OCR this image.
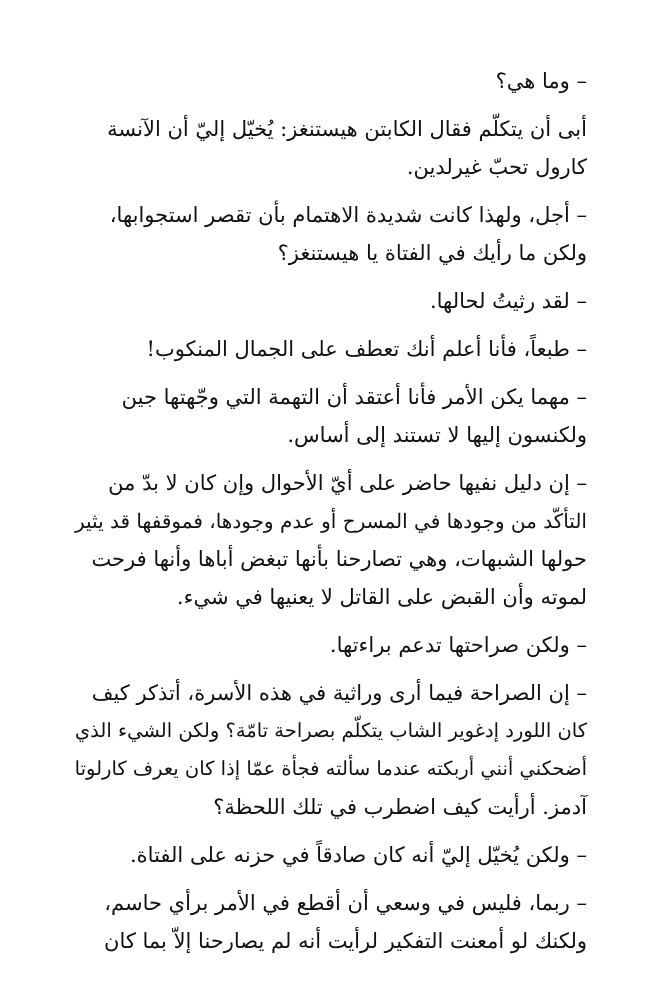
– وما هي؟

أبى أن يتكلّم فقال الكابتن هيستنغز: يُخيّل إليّ أن الآنسة
كارول تحبّ غيرلدين.

– أجل، ولهذا كانت شديدة الاهتمام بأن تقصر استجوابها،
ولكن ما رأيك في الفتاة يا هيستنغز؟

– لقد رثيتُ لحالها.

– طبعاً، فأنا أعلم أنك تعطف على الجمال المنكوب!

– مهما يكن الأمر فأنا أعتقد أن التهمة التي وجّهتها جين
ولكنسون إليها لا تستند إلى أساس.

– إن دليل نفيها حاضر على أيّ الأحوال وإن كان لا بدّ من
التأكّد من وجودها في المسرح أو عدم وجودها، فموقفها قد يثير
حولها الشبهات، وهي تصارحنا بأنها تبغض أباها وأنها فرحت
لموته وأن القبض على القاتل لا يعنيها في شيء.

– ولكن صراحتها تدعم براءتها.

– إن الصراحة فيما أرى وراثية في هذه الأسرة، أتذكر كيف
كان اللورد إدغوير الشاب يتكلّم بصراحة تامّة؟ ولكن الشيء الذي
أضحكني أنني أربكته عندما سألته فجأة عمّا إذا كان يعرف كارلوتا
آدمز. أرأيت كيف اضطرب في تلك اللحظة؟

– ولكن يُخيّل إليّ أنه كان صادقاً في حزنه على الفتاة.

– ربما، فليس في وسعي أن أقطع في الأمر برأي حاسم،
ولكنك لو أمعنت التفكير لرأيت أنه لم يصارحنا إلاّ بما كان
